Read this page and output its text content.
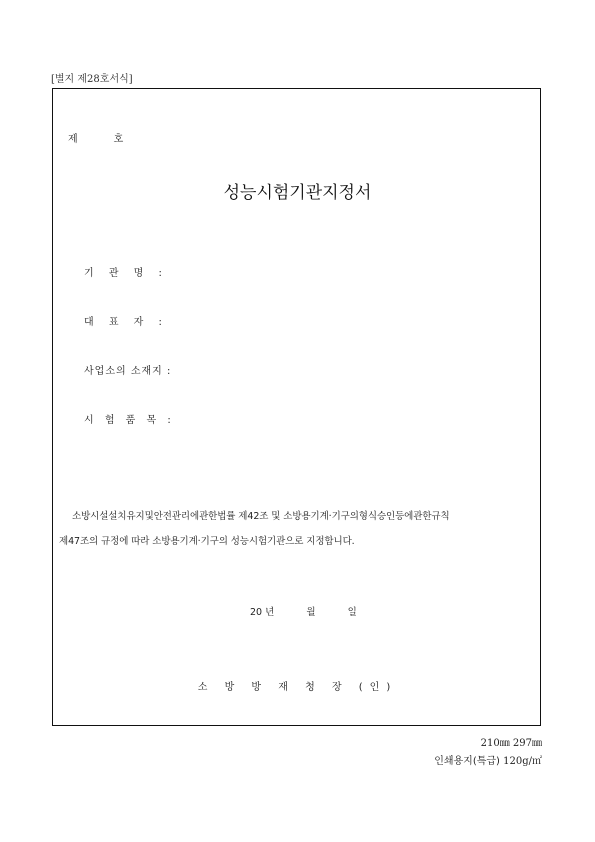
[별지 제28호서식]
제	호
성능시험기관지정서
기 관 명 :
대 표 자 :
사업소의 소재지 :
시 험 품 목 :
소방시설설치유지및안전관리에관한법률 제42조 및 소방용기계·기구의형식승인등에관한규칙
제47조의 규정에 따라 소방용기계·기구의 성능시험기관으로 지정합니다.
20 년	월	일
소 방 방 재 청 장 (인)
210㎜ 297㎜
인쇄용지(특급) 120g/㎡
